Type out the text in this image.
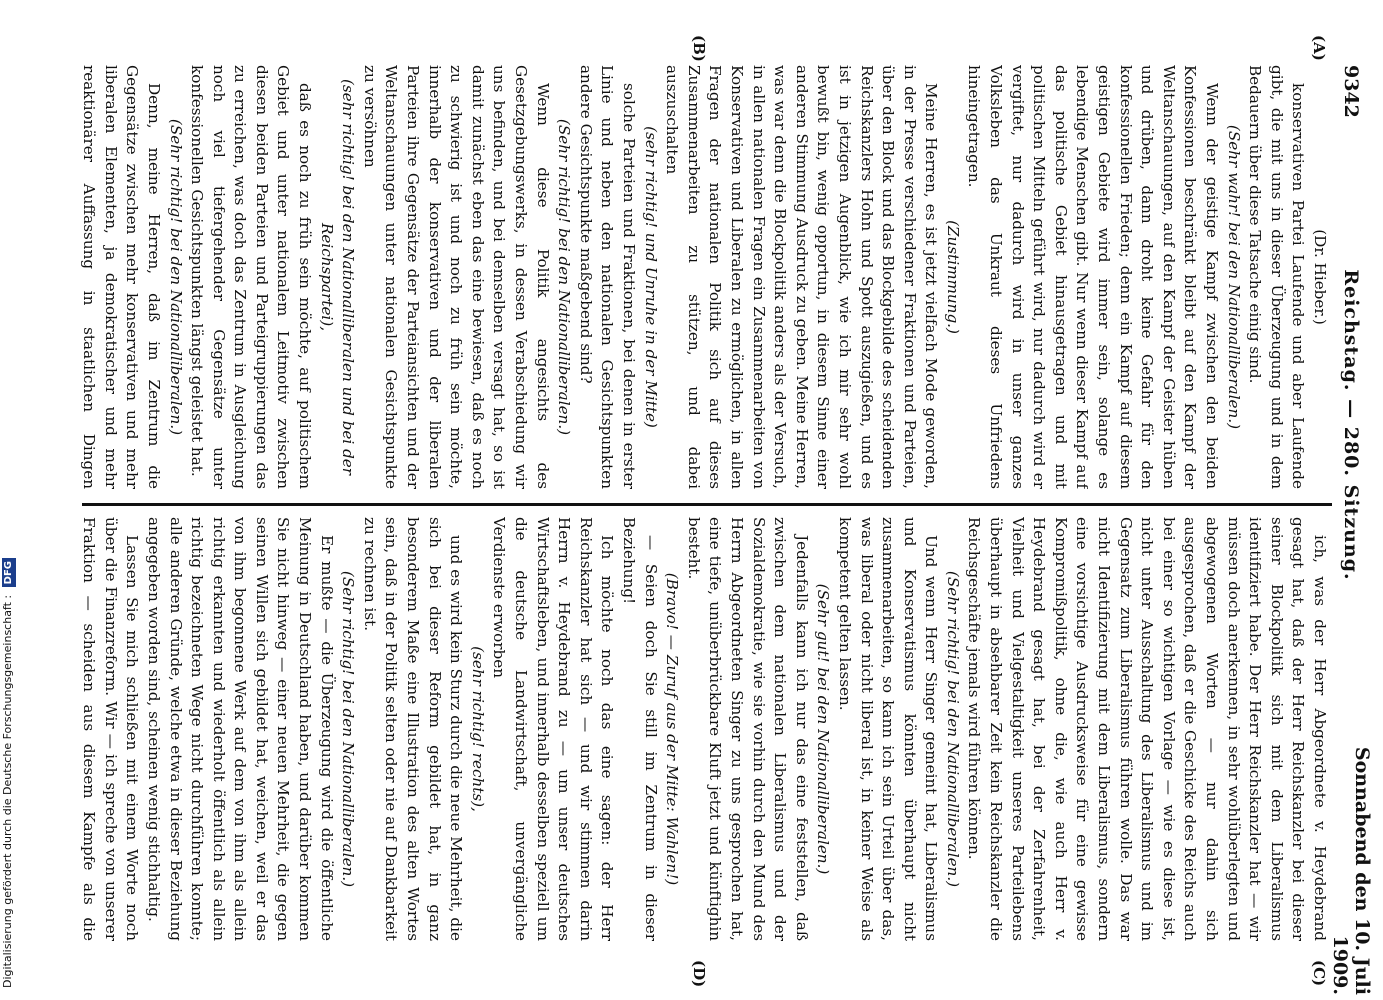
9342
Reichstag. — 280. Sitzung.
Sonnabend den 10. Juli 1909.

(Dr. Hieber.)

konservativen Partei Laufende und aber Laufende gibt, die mit uns in dieser Überzeugung und in dem Bedauern über diese Tatsache einig sind.

(Sehr wahr! bei den Nationalliberalen.)

Wenn der geistige Kampf zwischen den beiden Konfessionen beschränkt bleibt auf den Kampf der Weltanschauungen, auf den Kampf der Geister hüben und drüben, dann droht keine Gefahr für den konfessionellen Frieden; denn ein Kampf auf diesem geistigen Gebiete wird immer sein, solange es lebendige Menschen gibt. Nur wenn dieser Kampf auf das politische Gebiet hinausgetragen und mit politischen Mitteln geführt wird, nur dadurch wird er vergiftet, nur dadurch wird in unser ganzes Volksleben das Unkraut dieses Unfriedens hineingetragen.

(Zustimmung.)

Meine Herren, es ist jetzt vielfach Mode geworden, in der Presse verschiedener Fraktionen und Parteien, über den Block und das Blockgebilde des scheidenden Reichskanzlers Hohn und Spott auszugießen, und es ist in jetzigen Augenblick, wie ich mir sehr wohl bewußt bin, wenig opportun, in diesem Sinne einer anderen Stimmung Ausdruck zu geben. Meine Herren, was war denn die Blockpolitik anders als der Versuch, in allen nationalen Fragen ein Zusammenarbeiten von Konservativen und Liberalen zu ermöglichen, in allen Fragen der nationalen Politik sich auf dieses Zusammenarbeiten zu stützen, und dabei auszuschalten

(sehr richtig! und Unruhe in der Mitte)

solche Parteien und Fraktionen, bei denen in erster Linie und neben den nationalen Gesichtspunkten andere Gesichtspunkte maßgebend sind?

(Sehr richtig! bei den Nationalliberalen.)

Wenn diese Politik angesichts des Gesetzgebungswerks, in dessen Verabschiedung wir uns befinden, und bei demselben versagt hat, so ist damit zunächst eben das eine bewiesen, daß es noch zu schwierig ist und noch zu früh sein möchte, innerhalb der konservativen und der liberalen Parteien ihre Gegensätze der Parteiansichten und der Weltanschauungen unter nationalen Gesichtspunkte zu versöhnen

(sehr richtig! bei den Nationalliberalen und bei der Reichspartei),

daß es noch zu früh sein möchte, auf politischem Gebiet und unter nationalem Leitmotiv zwischen diesen beiden Parteien und Parteigruppierungen das zu erreichen, was doch das Zentrum in Ausgleichung noch viel tiefergehender Gegensätze unter konfessionellen Gesichtspunkten längst geleistet hat.

(Sehr richtig! bei den Nationalliberalen.)

Denn, meine Herren, daß im Zentrum die Gegensätze zwischen mehr konservativen und mehr liberalen Elementen, ja demokratischer und mehr reaktionärer Auffassung in staatlichen Dingen

ich, was der Herr Abgeordnete v. Heydebrand gesagt hat, daß der Herr Reichskanzler bei dieser seiner Blockpolitik sich mit dem Liberalismus identifiziert habe. Der Herr Reichskanzler hat — wir müssen doch anerkennen, in sehr wohlüberlegten und abgewogenen Worten — nur dahin sich ausgesprochen, daß er die Geschicke des Reichs auch bei einer so wichtigen Vorlage — wie es diese ist, nicht unter Ausschaltung des Liberalismus und im Gegensatz zum Liberalismus führen wolle. Das war nicht Identifizierung mit dem Liberalismus, sondern eine vorsichtige Ausdrucksweise für eine gewisse Kompromißpolitik, ohne die, wie auch Herr v. Heydebrand gesagt hat, bei der Zerfahrenheit, Vielheit und Vielgestaltigkeit unseres Parteilebens überhaupt in absehbarer Zeit kein Reichskanzler die Reichsgeschäfte jemals wird führen können.

(Sehr richtig! bei den Nationalliberalen.)

Und wenn Herr Singer gemeint hat, Liberalismus und Konservatismus könnten überhaupt nicht zusammenarbeiten, so kann ich sein Urteil über das, was liberal oder nicht liberal ist, in keiner Weise als kompetent gelten lassen.

(Sehr gut! bei den Nationalliberalen.)

Jedenfalls kann ich nur das eine feststellen, daß zwischen dem nationalen Liberalismus und der Sozialdemokratie, wie sie vorhin durch den Mund des Herrn Abgeordneten Singer zu uns gesprochen hat, eine tiefe, unüberbrückbare Kluft jetzt und künftighin besteht.

(Bravo! — Zuruf aus der Mitte: Wahlen!)

— Seien doch Sie still im Zentrum in dieser Beziehung!

Ich möchte noch das eine sagen: der Herr Reichskanzler hat sich — und wir stimmen darin Herrn v. Heydebrand zu — um unser deutsches Wirtschaftsleben, und innerhalb desselben speziell um die deutsche Landwirtschaft, unvergängliche Verdienste erworben

(sehr richtig! rechts),

und es wird kein Sturz durch die neue Mehrheit, die sich bei dieser Reform gebildet hat, in ganz besonderem Maße eine Illustration des alten Wortes sein, daß in der Politik selten oder nie auf Dankbarkeit zu rechnen ist.

(Sehr richtig! bei den Nationalliberalen.)

Er mußte — die Überzeugung wird die öffentliche Meinung in Deutschland haben, und darüber kommen Sie nicht hinweg — einer neuen Mehrheit, die gegen seinen Willen sich gebildet hat, weichen, weil er das von ihm begonnene Werk auf dem von ihm als allein richtig erkannten und wiederholt öffentlich als allein richtig bezeichneten Wege nicht durchführen konnte; alle anderen Gründe, welche etwa in dieser Beziehung angegeben worden sind, scheinen wenig stichhaltig.

Lassen Sie mich schließen mit einem Worte noch über die Finanzreform. Wir — ich spreche von unserer Fraktion — scheiden aus diesem Kampfe als die

(A)
(B)
(C)
(D)
Digitalisierung gefördert durch die Deutsche Forschungsgemeinschaft : DFG
